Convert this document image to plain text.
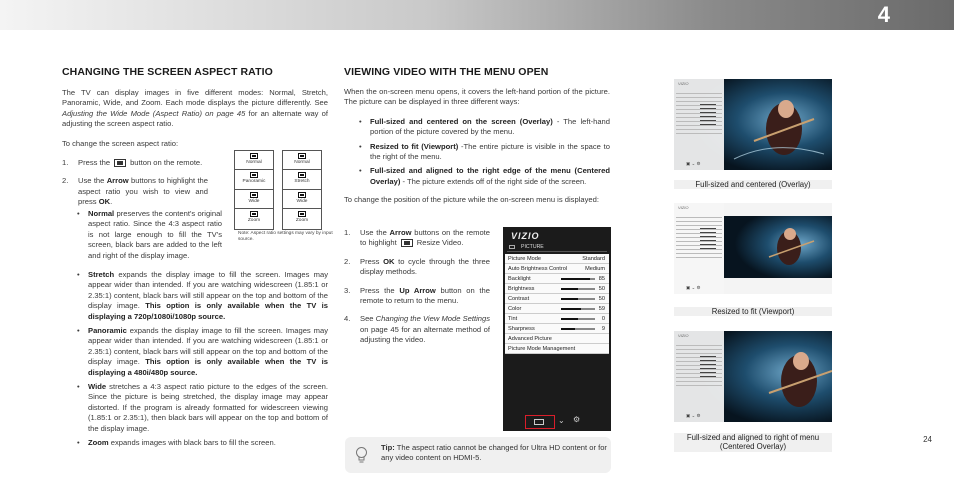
4
CHANGING THE SCREEN ASPECT RATIO

The TV can display images in five different modes: Normal, Stretch, Panoramic, Wide, and Zoom. Each mode displays the picture differently. See Adjusting the Wide Mode (Aspect Ratio) on page 45 for an alternate way of adjusting the screen aspect ratio.

To change the screen aspect ratio:

1. Press the	button on the remote.
2. Use the Arrow buttons to highlight the aspect ratio you wish to view and press OK.
• Normal preserves the content's original aspect ratio. Since the 4:3 aspect ratio is not large enough to fill the TV's screen, black bars are added to the left and right of the display image.
• Stretch expands the display image to fill the screen. Images may appear wider than intended. If you are watching widescreen (1.85:1 or 2.35:1) content, black bars will still appear on the top and bottom of the display image. This option is only available when the TV is displaying a 720p/1080i/1080p source.
• Panoramic expands the display image to fill the screen. Images may appear wider than intended. If you are watching widescreen (1.85:1 or 2.35:1) content, black bars will still appear on the top and bottom of the display image. This option is only available when the TV is displaying a 480i/480p source.
• Wide stretches a 4:3 aspect ratio picture to the edges of the screen. Since the picture is being stretched, the display image may appear distorted. If the program is already formatted for widescreen viewing (1.85:1 or 2.35:1), then black bars will appear on the top and bottom of the display image.
• Zoom expands images with black bars to fill the screen.
Normal	Normal
Panoramic	Stretch
Wide	Wide
Zoom	Zoom
Note: Aspect ratio settings may vary by input source.
VIEWING VIDEO WITH THE MENU OPEN

When the on-screen menu opens, it covers the left-hand portion of the picture. The picture can be displayed in three different ways:

• Full-sized and centered on the screen (Overlay) - The left-hand portion of the picture covered by the menu.
• Resized to fit (Viewport) -The entire picture is visible in the space to the right of the menu.
• Full-sized and aligned to the right edge of the menu (Centered Overlay) - The picture extends off of the right side of the screen.

To change the position of the picture while the on-screen menu is displayed:

1. Use the Arrow buttons on the remote to highlight	Resize Video.
2. Press OK to cycle through the three display methods.
3. Press the Up Arrow button on the remote to return to the menu.
4. See Changing the View Mode Settings on page 45 for an alternate method of adjusting the video.
VIZIO
PICTURE
Picture Mode	Standard
Auto Brightness Control	Medium
Backlight	85
Brightness	50
Contrast	50
Color	59
Tint	0
Sharpness	9
Advanced Picture
Picture Mode Management
⌄ ⚙
Tip: The aspect ratio cannot be changed for Ultra HD content or for any video content on HDMI-5.
VIZIO
▣ ⌄ ⚙
Full-sized and centered (Overlay)
VIZIO
▣ ⌄ ⚙
Resized to fit (Viewport)
VIZIO
▣ ⌄ ⚙
Full-sized and aligned to right of menu (Centered Overlay)
24
